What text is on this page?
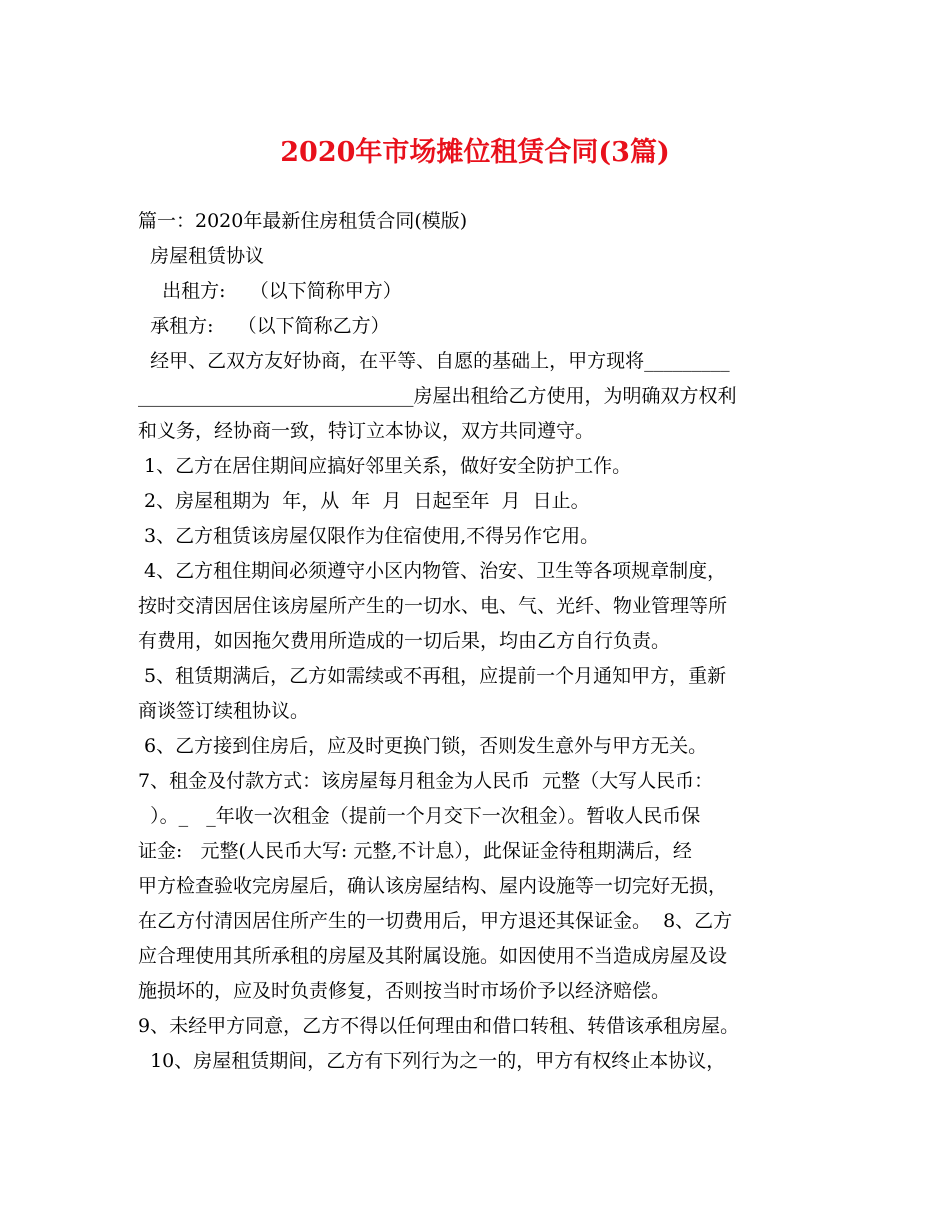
2020年市场摊位租赁合同(3篇)
篇一：2020年最新住房租赁合同(模版)
房屋租赁协议
出租方:    （以下简称甲方）
承租方:    （以下简称乙方）
经甲、乙双方友好协商，在平等、自愿的基础上，甲方现将_________
_____________________________房屋出租给乙方使用，为明确双方权利
和义务，经协商一致，特订立本协议，双方共同遵守。
1、乙方在居住期间应搞好邻里关系，做好安全防护工作。
2、房屋租期为  年，从  年  月  日起至年  月  日止。
3、乙方租赁该房屋仅限作为住宿使用,不得另作它用。
4、乙方租住期间必须遵守小区内物管、治安、卫生等各项规章制度，
按时交清因居住该房屋所产生的一切水、电、气、光纤、物业管理等所
有费用，如因拖欠费用所造成的一切后果，均由乙方自行负责。
5、租赁期满后，乙方如需续或不再租，应提前一个月通知甲方，重新
商谈签订续租协议。
6、乙方接到住房后，应及时更换门锁，否则发生意外与甲方无关。
7、租金及付款方式：该房屋每月租金为人民币  元整（大写人民币：
）。_   _年收一次租金（提前一个月交下一次租金）。暂收人民币保
证金:   元整(人民币大写: 元整,不计息），此保证金待租期满后，经
甲方检查验收完房屋后，确认该房屋结构、屋内设施等一切完好无损，
在乙方付清因居住所产生的一切费用后，甲方退还其保证金。  8、乙方
应合理使用其所承租的房屋及其附属设施。如因使用不当造成房屋及设
施损坏的，应及时负责修复，否则按当时市场价予以经济赔偿。
9、未经甲方同意，乙方不得以任何理由和借口转租、转借该承租房屋。
10、房屋租赁期间，乙方有下列行为之一的，甲方有权终止本协议，
